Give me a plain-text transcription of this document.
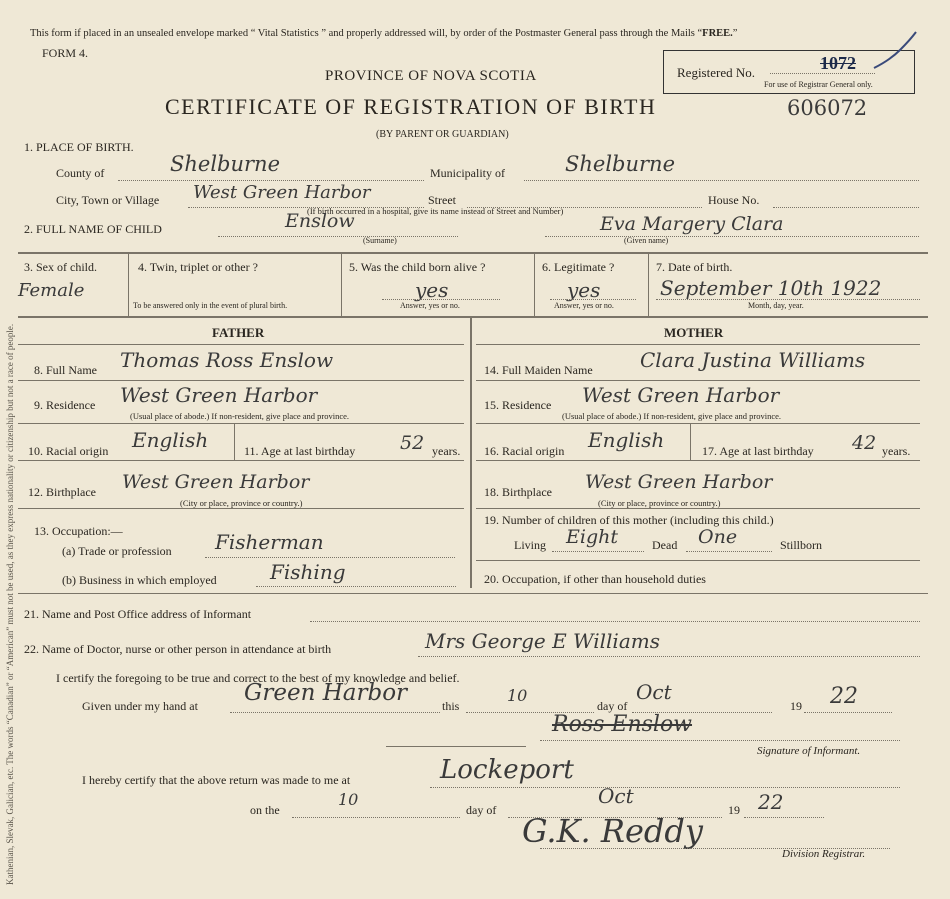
Kathenian, Slevak, Galician, etc. The words “Canadian” or “American” must not be used, as they express nationality or citizenship but not a race of people.
This form if placed in an unsealed envelope marked “ Vital Statistics ” and properly addressed will, by order of the Postmaster General pass through the Mails “FREE.”
FORM 4.
PROVINCE OF NOVA SCOTIA
CERTIFICATE OF REGISTRATION OF BIRTH	606072
(BY PARENT OR GUARDIAN)
Registered No.	1072
For use of Registrar General only.
1. PLACE OF BIRTH.
County of	Shelburne	Municipality of	Shelburne
City, Town or Village West Green Harbor	Street	House No.
(If birth occurred in a hospital, give its name instead of Street and Number)
2. FULL NAME OF CHILD	Enslow
(Surname)
Eva Margery Clara
(Given name)
3. Sex of child.
Female
4. Twin, triplet or other ?
To be answered only in the event of plural birth.
5. Was the child born alive ?
yes
Answer, yes or no.
6. Legitimate ?
yes
Answer, yes or no.
7. Date of birth.
September 10th 1922
Month, day, year.
FATHER	MOTHER
8. Full Name Thomas Ross Enslow
9. Residence West Green Harbor
(Usual place of abode.) If non-resident, give place and province.
10. Racial origin English	11. Age at last birthday 52 years.
12. Birthplace West Green Harbor
(City or place, province or country.)
13. Occupation:—
(a) Trade or profession Fisherman
(b) Business in which employed	Fishing
14. Full Maiden Name Clara Justina Williams
15. Residence West Green Harbor
(Usual place of abode.) If non-resident, give place and province.
16. Racial origin English	17. Age at last birthday 42 years.
18. Birthplace West Green Harbor
(City or place, province or country.)
19. Number of children of this mother (including this child.)
Living Eight	Dead One	Stillborn
20. Occupation, if other than household duties
21. Name and Post Office address of Informant
22. Name of Doctor, nurse or other person in attendance at birth	Mrs George E Williams
I certify the foregoing to be true and correct to the best of my knowledge and belief.
Given under my hand at Green Harbor	this
10
day of
Oct
19 22
Ross Enslow
Signature of Informant.
I hereby certify that the above return was made to me at	Lockeport
on the
10
day of
Oct
19 22
G.K. Reddy
Division Registrar.
